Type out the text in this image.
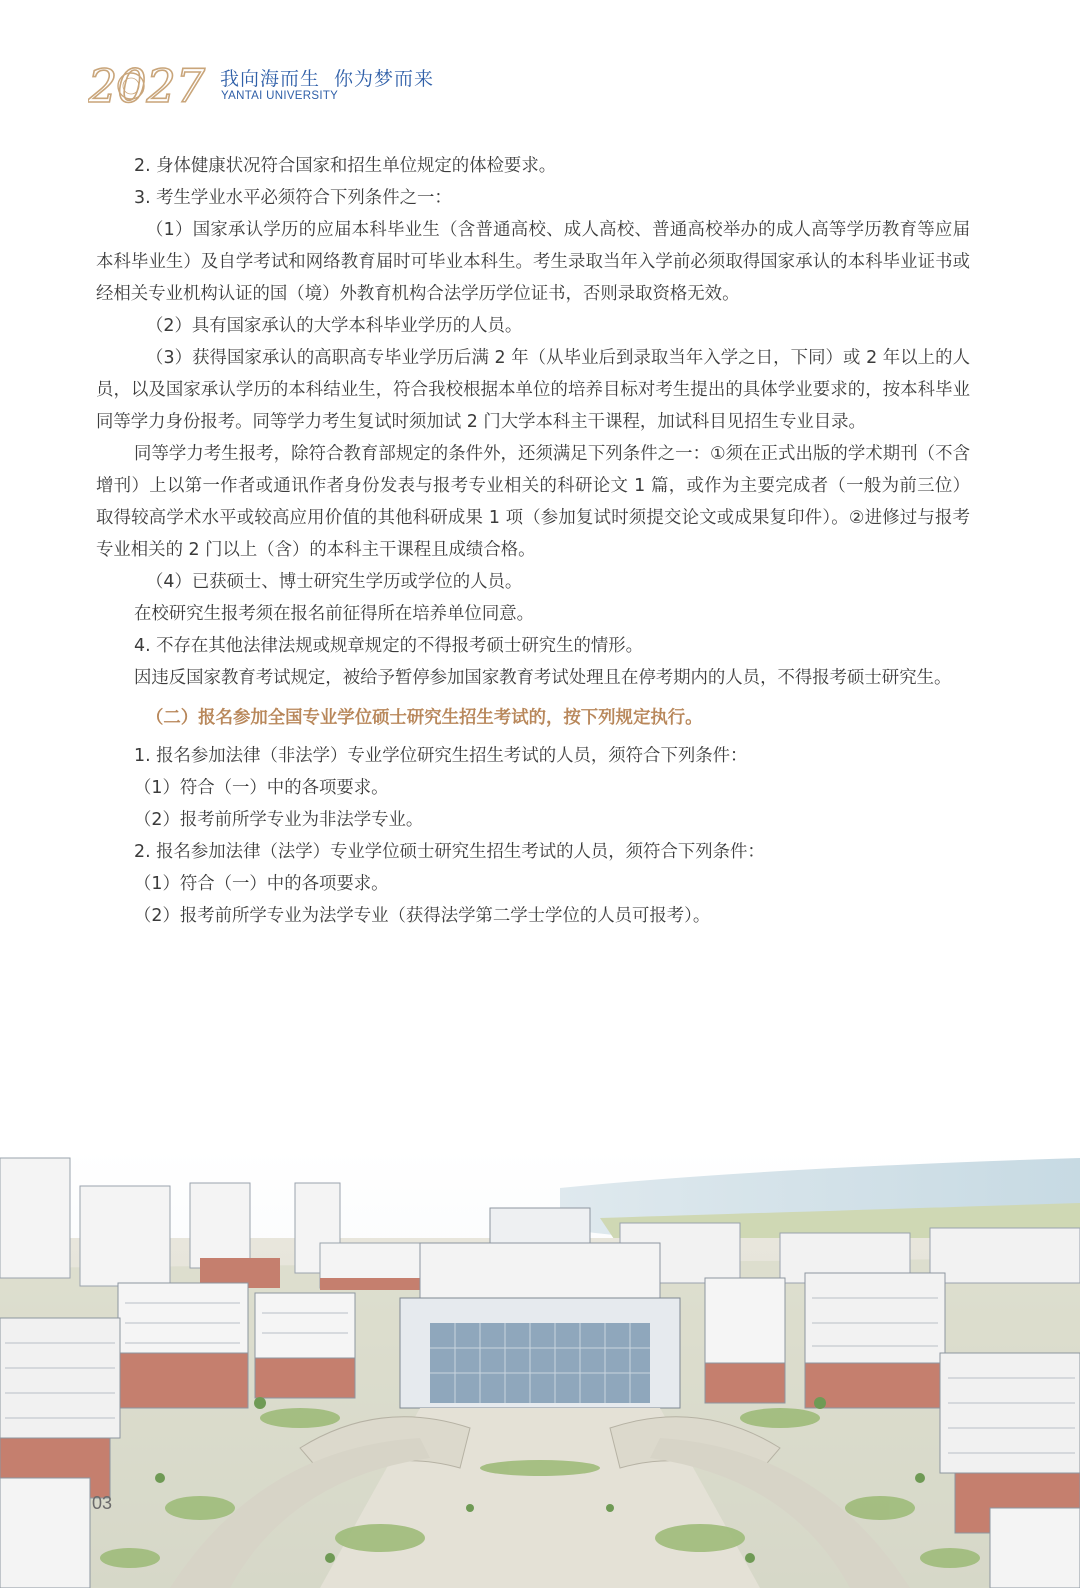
2027 我向海而生 你为梦而来
YANTAI UNIVERSITY

2. 身体健康状况符合国家和招生单位规定的体检要求。

3. 考生学业水平必须符合下列条件之一：

（1）国家承认学历的应届本科毕业生（含普通高校、成人高校、普通高校举办的成人高等学历教育等应届本科毕业生）及自学考试和网络教育届时可毕业本科生。考生录取当年入学前必须取得国家承认的本科毕业证书或经相关专业机构认证的国（境）外教育机构合法学历学位证书，否则录取资格无效。

（2）具有国家承认的大学本科毕业学历的人员。

（3）获得国家承认的高职高专毕业学历后满 2 年（从毕业后到录取当年入学之日，下同）或 2 年以上的人员，以及国家承认学历的本科结业生，符合我校根据本单位的培养目标对考生提出的具体学业要求的，按本科毕业同等学力身份报考。同等学力考生复试时须加试 2 门大学本科主干课程，加试科目见招生专业目录。

同等学力考生报考，除符合教育部规定的条件外，还须满足下列条件之一：①须在正式出版的学术期刊（不含增刊）上以第一作者或通讯作者身份发表与报考专业相关的科研论文 1 篇，或作为主要完成者（一般为前三位）取得较高学术水平或较高应用价值的其他科研成果 1 项（参加复试时须提交论文或成果复印件）。②进修过与报考专业相关的 2 门以上（含）的本科主干课程且成绩合格。

（4）已获硕士、博士研究生学历或学位的人员。

在校研究生报考须在报名前征得所在培养单位同意。

4. 不存在其他法律法规或规章规定的不得报考硕士研究生的情形。

因违反国家教育考试规定，被给予暂停参加国家教育考试处理且在停考期内的人员，不得报考硕士研究生。

（二）报名参加全国专业学位硕士研究生招生考试的，按下列规定执行。

1. 报名参加法律（非法学）专业学位研究生招生考试的人员，须符合下列条件：

（1）符合（一）中的各项要求。

（2）报考前所学专业为非法学专业。

2. 报名参加法律（法学）专业学位硕士研究生招生考试的人员，须符合下列条件：

（1）符合（一）中的各项要求。

（2）报考前所学专业为法学专业（获得法学第二学士学位的人员可报考）。

03
